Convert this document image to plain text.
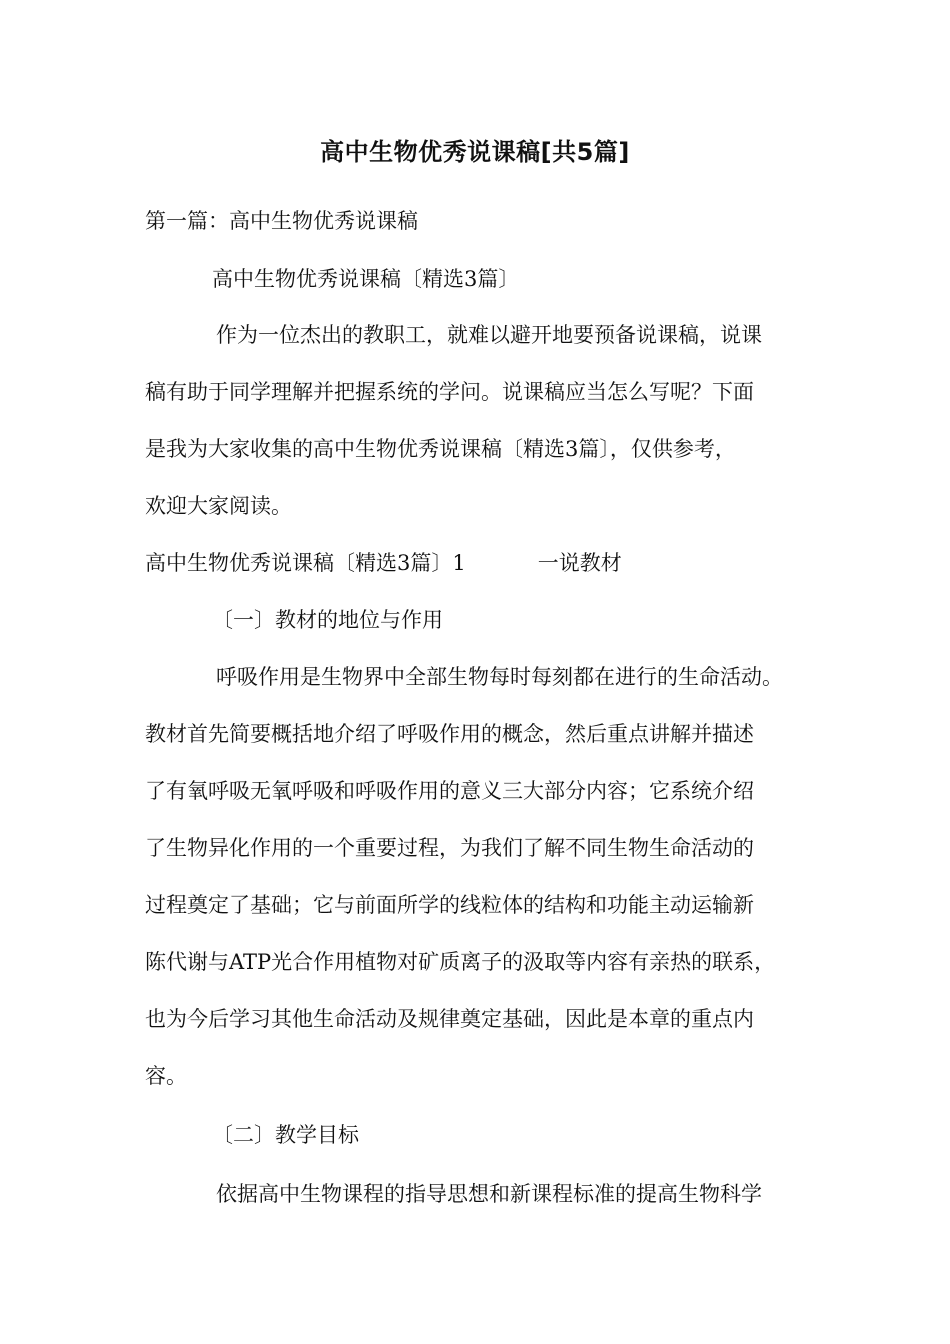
高中生物优秀说课稿[共5篇]
第一篇：高中生物优秀说课稿
高中生物优秀说课稿〔精选3篇〕
作为一位杰出的教职工，就难以避开地要预备说课稿，说课
稿有助于同学理解并把握系统的学问。说课稿应当怎么写呢？下面
是我为大家收集的高中生物优秀说课稿〔精选3篇〕，仅供参考，
欢迎大家阅读。
高中生物优秀说课稿〔精选3篇〕1	一说教材
〔一〕教材的地位与作用
呼吸作用是生物界中全部生物每时每刻都在进行的生命活动。
教材首先简要概括地介绍了呼吸作用的概念，然后重点讲解并描述
了有氧呼吸无氧呼吸和呼吸作用的意义三大部分内容；它系统介绍
了生物异化作用的一个重要过程，为我们了解不同生物生命活动的
过程奠定了基础；它与前面所学的线粒体的结构和功能主动运输新
陈代谢与ATP光合作用植物对矿质离子的汲取等内容有亲热的联系，
也为今后学习其他生命活动及规律奠定基础，因此是本章的重点内
容。
〔二〕教学目标
依据高中生物课程的指导思想和新课程标准的提高生物科学
